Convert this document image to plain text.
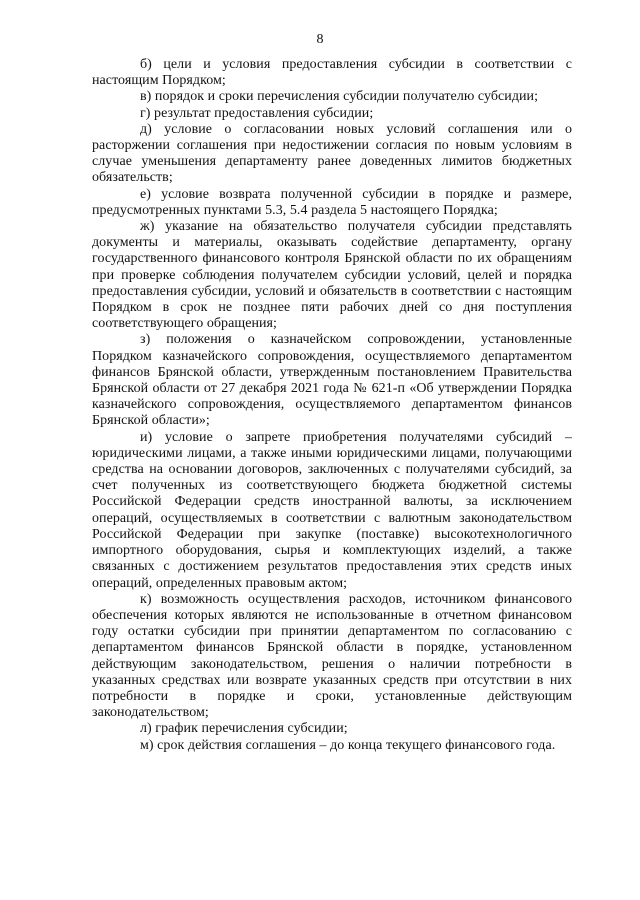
8

б) цели и условия предоставления субсидии в соответствии с настоящим Порядком;

в) порядок и сроки перечисления субсидии получателю субсидии;

г) результат предоставления субсидии;

д) условие о согласовании новых условий соглашения или о расторжении соглашения при недостижении согласия по новым условиям в случае уменьшения департаменту ранее доведенных лимитов бюджетных обязательств;

е) условие возврата полученной субсидии в порядке и размере, предусмотренных пунктами 5.3, 5.4 раздела 5 настоящего Порядка;

ж) указание на обязательство получателя субсидии представлять документы и материалы, оказывать содействие департаменту, органу государственного финансового контроля Брянской области по их обращениям при проверке соблюдения получателем субсидии условий, целей и порядка предоставления субсидии, условий и обязательств в соответствии с настоящим Порядком в срок не позднее пяти рабочих дней со дня поступления соответствующего обращения;

з) положения о казначейском сопровождении, установленные Порядком казначейского сопровождения, осуществляемого департаментом финансов Брянской области, утвержденным постановлением Правительства Брянской области от 27 декабря 2021 года № 621-п «Об утверждении Порядка казначейского сопровождения, осуществляемого департаментом финансов Брянской области»;

и) условие о запрете приобретения получателями субсидий – юридическими лицами, а также иными юридическими лицами, получающими средства на основании договоров, заключенных с получателями субсидий, за счет полученных из соответствующего бюджета бюджетной системы Российской Федерации средств иностранной валюты, за исключением операций, осуществляемых в соответствии с валютным законодательством Российской Федерации при закупке (поставке) высокотехнологичного импортного оборудования, сырья и комплектующих изделий, а также связанных с достижением результатов предоставления этих средств иных операций, определенных правовым актом;

к) возможность осуществления расходов, источником финансового обеспечения которых являются не использованные в отчетном финансовом году остатки субсидии при принятии департаментом по согласованию с департаментом финансов Брянской области в порядке, установленном действующим законодательством, решения о наличии потребности в указанных средствах или возврате указанных средств при отсутствии в них потребности в порядке и сроки, установленные действующим законодательством;

л) график перечисления субсидии;

м) срок действия соглашения – до конца текущего финансового года.
